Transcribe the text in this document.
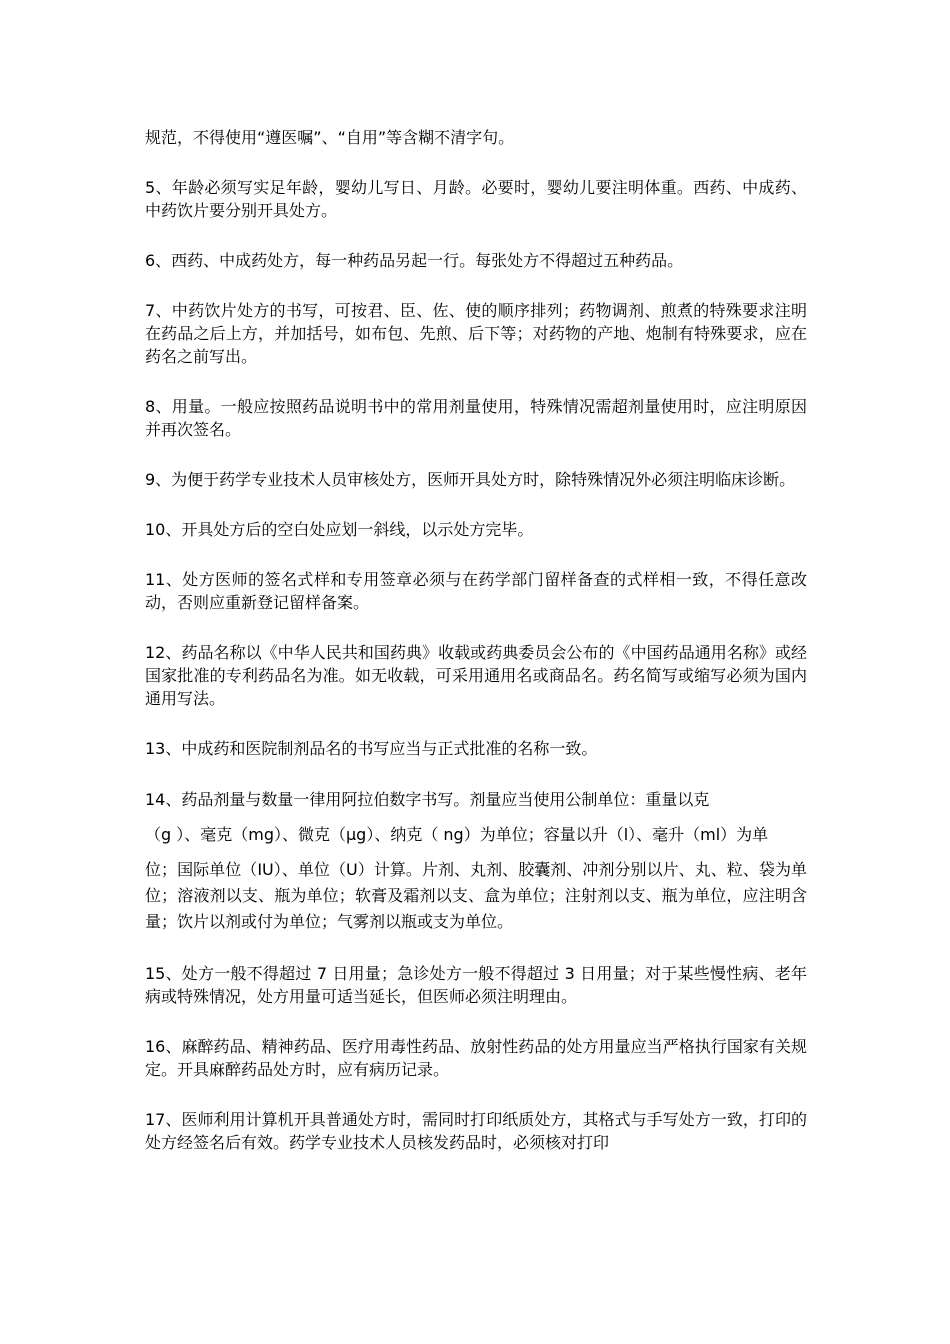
规范，不得使用“遵医嘱”、“自用”等含糊不清字句。

5、年龄必须写实足年龄，婴幼儿写日、月龄。必要时，婴幼儿要注明体重。西药、中成药、中药饮片要分别开具处方。

6、西药、中成药处方，每一种药品另起一行。每张处方不得超过五种药品。

7、中药饮片处方的书写，可按君、臣、佐、使的顺序排列；药物调剂、煎煮的特殊要求注明在药品之后上方，并加括号，如布包、先煎、后下等；对药物的产地、炮制有特殊要求，应在药名之前写出。

8、用量。一般应按照药品说明书中的常用剂量使用，特殊情况需超剂量使用时，应注明原因并再次签名。

9、为便于药学专业技术人员审核处方，医师开具处方时，除特殊情况外必须注明临床诊断。

10、开具处方后的空白处应划一斜线，以示处方完毕。

11、处方医师的签名式样和专用签章必须与在药学部门留样备查的式样相一致，不得任意改动，否则应重新登记留样备案。

12、药品名称以《中华人民共和国药典》收载或药典委员会公布的《中国药品通用名称》或经国家批准的专利药品名为准。如无收载，可采用通用名或商品名。药名简写或缩写必须为国内通用写法。

13、中成药和医院制剂品名的书写应当与正式批准的名称一致。

14、药品剂量与数量一律用阿拉伯数字书写。剂量应当使用公制单位：重量以克
（g ）、毫克（mg）、微克（μg）、纳克（ ng）为单位；容量以升（l）、毫升（ml）为单
位；国际单位（IU）、单位（U）计算。片剂、丸剂、胶囊剂、冲剂分别以片、丸、粒、袋为单位；溶液剂以支、瓶为单位；软膏及霜剂以支、盒为单位；注射剂以支、瓶为单位，应注明含量；饮片以剂或付为单位；气雾剂以瓶或支为单位。

15、处方一般不得超过 7 日用量；急诊处方一般不得超过 3 日用量；对于某些慢性病、老年病或特殊情况，处方用量可适当延长，但医师必须注明理由。

16、麻醉药品、精神药品、医疗用毒性药品、放射性药品的处方用量应当严格执行国家有关规定。开具麻醉药品处方时，应有病历记录。

17、医师利用计算机开具普通处方时，需同时打印纸质处方，其格式与手写处方一致，打印的处方经签名后有效。药学专业技术人员核发药品时，必须核对打印
